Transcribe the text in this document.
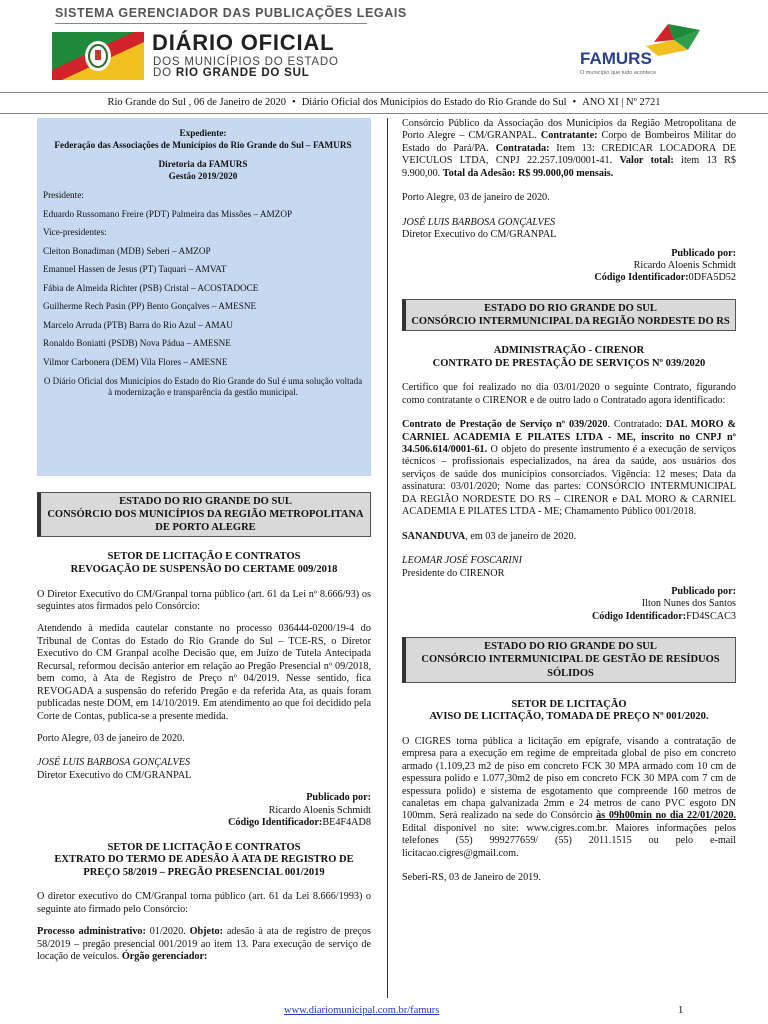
SISTEMA GERENCIADOR DAS PUBLICAÇÕES LEGAIS
DIÁRIO OFICIAL
DOS MUNICÍPIOS DO ESTADO
DO RIO GRANDE DO SUL
FAMURS
O município que tudo acontece
Rio Grande do Sul , 06 de Janeiro de 2020 • Diário Oficial dos Municípios do Estado do Rio Grande do Sul • ANO XI | Nº 2721
Expediente:
Federação das Associações de Municípios do Rio Grande do Sul – FAMURS
Diretoria da FAMURS
Gestão 2019/2020

Presidente:

Eduardo Russomano Freire (PDT) Palmeira das Missões – AMZOP

Vice-presidentes:

Cleiton Bonadiman (MDB) Seberi – AMZOP

Emanuel Hassen de Jesus (PT) Taquari – AMVAT

Fábia de Almeida Richter (PSB) Cristal – ACOSTADOCE

Guilherme Rech Pasin (PP) Bento Gonçalves – AMESNE

Marcelo Arruda (PTB) Barra do Rio Azul – AMAU

Ronaldo Boniatti (PSDB) Nova Pádua – AMESNE

Vilmor Carbonera (DEM) Vila Flores – AMESNE

O Diário Oficial dos Municípios do Estado do Rio Grande do Sul é uma solução voltada à modernização e transparência da gestão municipal.
ESTADO DO RIO GRANDE DO SUL
CONSÓRCIO DOS MUNICÍPIOS DA REGIÃO METROPOLITANA DE PORTO ALEGRE
SETOR DE LICITAÇÃO E CONTRATOS
REVOGAÇÃO DE SUSPENSÃO DO CERTAME 009/2018

O Diretor Executivo do CM/Granpal torna público (art. 61 da Lei nº 8.666/93) os seguintes atos firmados pelo Consórcio:

Atendendo à medida cautelar constante no processo 036444-0200/19-4 do Tribunal de Contas do Estado do Rio Grande do Sul – TCE-RS, o Diretor Executivo do CM Granpal acolhe Decisão que, em Juízo de Tutela Antecipada Recursal, reformou decisão anterior em relação ao Pregão Presencial nº 09/2018, bem como, à Ata de Registro de Preço nº 04/2019. Nesse sentido, fica REVOGADA a suspensão do referido Pregão e da referida Ata, as quais foram publicadas neste DOM, em 14/10/2019. Em atendimento ao que foi decidido pela Corte de Contas, publica-se a presente medida.

Porto Alegre, 03 de janeiro de 2020.

JOSÉ LUIS BARBOSA GONÇALVES

Diretor Executivo do CM/GRANPAL

Publicado por:

Ricardo Aloenis Schmidt

Código Identificador:BE4F4AD8

SETOR DE LICITAÇÃO E CONTRATOS
EXTRATO DO TERMO DE ADESÃO À ATA DE REGISTRO DE PREÇO 58/2019 – PREGÃO PRESENCIAL 001/2019

O diretor executivo do CM/Granpal torna público (art. 61 da Lei 8.666/1993) o seguinte ato firmado pelo Consórcio:

Processo administrativo: 01/2020. Objeto: adesão à ata de registro de preços 58/2019 – pregão presencial 001/2019 ao item 13. Para execução de serviço de locação de veículos. Órgão gerenciador:

Consórcio Público da Associação dos Municípios da Região Metropolitana de Porto Alegre – CM/GRANPAL. Contratante: Corpo de Bombeiros Militar do Estado do Pará/PA. Contratada: Item 13: CREDICAR LOCADORA DE VEICULOS LTDA, CNPJ 22.257.109/0001-41. Valor total: item 13 R$ 9.900,00. Total da Adesão: R$ 99.000,00 mensais.

Porto Alegre, 03 de janeiro de 2020.

JOSÉ LUIS BARBOSA GONÇALVES

Diretor Executivo do CM/GRANPAL

Publicado por:

Ricardo Aloenis Schmidt

Código Identificador:0DFA5D52

ESTADO DO RIO GRANDE DO SUL
CONSÓRCIO INTERMUNICIPAL DA REGIÃO NORDESTE DO RS
ADMINISTRAÇÃO - CIRENOR
CONTRATO DE PRESTAÇÃO DE SERVIÇOS Nº 039/2020

Certifico que foi realizado no dia 03/01/2020 o seguinte Contrato, figurando como contratante o CIRENOR e de outro lado o Contratado agora identificado:

Contrato de Prestação de Serviço nº 039/2020. Contratado: DAL MORO & CARNIEL ACADEMIA E PILATES LTDA - ME, inscrito no CNPJ nº 34.506.614/0001-61. O objeto do presente instrumento é a execução de serviços técnicos – profissionais especializados, na área da saúde, aos usuários dos serviços de saúde dos municípios consorciados. Vigência: 12 meses; Data da assinatura: 03/01/2020; Nome das partes: CONSÓRCIO INTERMUNICIPAL DA REGIÃO NORDESTE DO RS – CIRENOR e DAL MORO & CARNIEL ACADEMIA E PILATES LTDA - ME; Chamamento Público 001/2018.

SANANDUVA, em 03 de janeiro de 2020.

LEOMAR JOSÉ FOSCARINI

Presidente do CIRENOR

Publicado por:

Ilton Nunes dos Santos

Código Identificador:FD4SCAC3

ESTADO DO RIO GRANDE DO SUL
CONSÓRCIO INTERMUNICIPAL DE GESTÃO DE RESÍDUOS SÓLIDOS
SETOR DE LICITAÇÃO
AVISO DE LICITAÇÃO, TOMADA DE PREÇO Nº 001/2020.

O CIGRES torna pública a licitação em epígrafe, visando a contratação de empresa para a execução em regime de empreitada global de piso em concreto armado (1.109,23 m2 de piso em concreto FCK 30 MPA armado com 10 cm de espessura polido e 1.077,30m2 de piso em concreto FCK 30 MPA com 7 cm de espessura polido) e sistema de esgotamento que compreende 160 metros de canaletas em chapa galvanizada 2mm e 24 metros de cano PVC esgoto DN 100mm. Será realizado na sede do Consórcio às 09h00min no dia 22/01/2020. Edital disponível no site: www.cigres.com.br. Maiores informações pelos telefones (55) 999277659/ (55) 2011.1515 ou pelo e-mail licitacao.cigres@gmail.com.

Seberi-RS, 03 de Janeiro de 2019.

www.diariomunicipal.com.br/famurs	1
